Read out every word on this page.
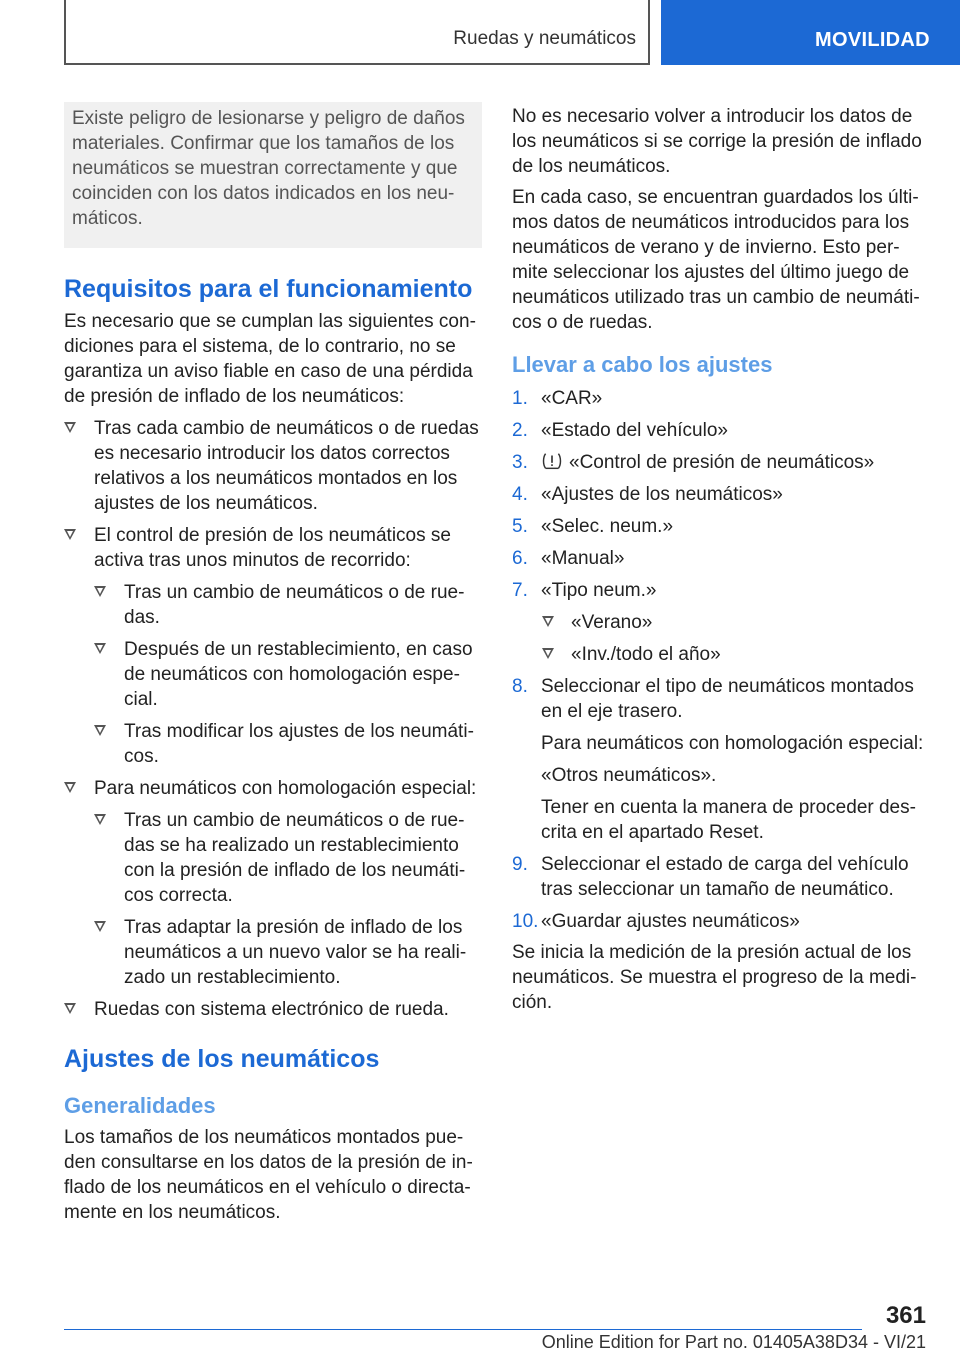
Ruedas y neumáticos	MOVILIDAD
Existe peligro de lesionarse y peligro de daños materiales. Confirmar que los tamaños de los neumáticos se muestran correctamente y que coinciden con los datos indicados en los neumáticos.
Requisitos para el funcionamiento
Es necesario que se cumplan las siguientes condiciones para el sistema, de lo contrario, no se garantiza un aviso fiable en caso de una pérdida de presión de inflado de los neumáticos:
Tras cada cambio de neumáticos o de ruedas es necesario introducir los datos correctos relativos a los neumáticos montados en los ajustes de los neumáticos.
El control de presión de los neumáticos se activa tras unos minutos de recorrido:
Tras un cambio de neumáticos o de ruedas.
Después de un restablecimiento, en caso de neumáticos con homologación especial.
Tras modificar los ajustes de los neumáticos.
Para neumáticos con homologación especial:
Tras un cambio de neumáticos o de ruedas se ha realizado un restablecimiento con la presión de inflado de los neumáticos correcta.
Tras adaptar la presión de inflado de los neumáticos a un nuevo valor se ha realizado un restablecimiento.
Ruedas con sistema electrónico de rueda.
Ajustes de los neumáticos
Generalidades
Los tamaños de los neumáticos montados pueden consultarse en los datos de la presión de inflado de los neumáticos en el vehículo o directamente en los neumáticos.
No es necesario volver a introducir los datos de los neumáticos si se corrige la presión de inflado de los neumáticos.
En cada caso, se encuentran guardados los últimos datos de neumáticos introducidos para los neumáticos de verano y de invierno. Esto permite seleccionar los ajustes del último juego de neumáticos utilizado tras un cambio de neumáticos o de ruedas.
Llevar a cabo los ajustes
1. «CAR»
2. «Estado del vehículo»
3. «Control de presión de neumáticos»
4. «Ajustes de los neumáticos»
5. «Selec. neum.»
6. «Manual»
7. «Tipo neum.»
«Verano»
«Inv./todo el año»
8. Seleccionar el tipo de neumáticos montados en el eje trasero.
Para neumáticos con homologación especial:
«Otros neumáticos».
Tener en cuenta la manera de proceder descrita en el apartado Reset.
9. Seleccionar el estado de carga del vehículo tras seleccionar un tamaño de neumático.
10. «Guardar ajustes neumáticos»
Se inicia la medición de la presión actual de los neumáticos. Se muestra el progreso de la medición.
361
Online Edition for Part no. 01405A38D34 - VI/21
